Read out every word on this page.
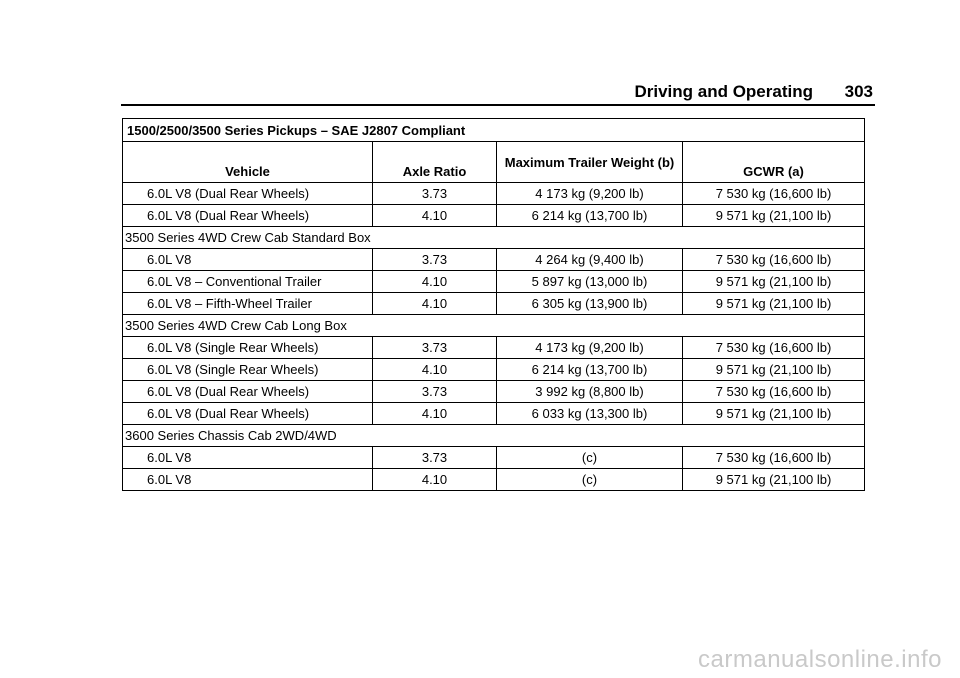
Driving and Operating 303
1500/2500/3500 Series Pickups – SAE J2807 Compliant			
Vehicle	Axle Ratio	Maximum Trailer Weight (b)	GCWR (a)
6.0L V8 (Dual Rear Wheels)	3.73	4 173 kg (9,200 lb)	7 530 kg (16,600 lb)
6.0L V8 (Dual Rear Wheels)	4.10	6 214 kg (13,700 lb)	9 571 kg (21,100 lb)
3500 Series 4WD Crew Cab Standard Box			
6.0L V8	3.73	4 264 kg (9,400 lb)	7 530 kg (16,600 lb)
6.0L V8 – Conventional Trailer	4.10	5 897 kg (13,000 lb)	9 571 kg (21,100 lb)
6.0L V8 – Fifth-Wheel Trailer	4.10	6 305 kg (13,900 lb)	9 571 kg (21,100 lb)
3500 Series 4WD Crew Cab Long Box			
6.0L V8 (Single Rear Wheels)	3.73	4 173 kg (9,200 lb)	7 530 kg (16,600 lb)
6.0L V8 (Single Rear Wheels)	4.10	6 214 kg (13,700 lb)	9 571 kg (21,100 lb)
6.0L V8 (Dual Rear Wheels)	3.73	3 992 kg (8,800 lb)	7 530 kg (16,600 lb)
6.0L V8 (Dual Rear Wheels)	4.10	6 033 kg (13,300 lb)	9 571 kg (21,100 lb)
3600 Series Chassis Cab 2WD/4WD			
6.0L V8	3.73	(c)	7 530 kg (16,600 lb)
6.0L V8	4.10	(c)	9 571 kg (21,100 lb)
carmanualsonline.info
